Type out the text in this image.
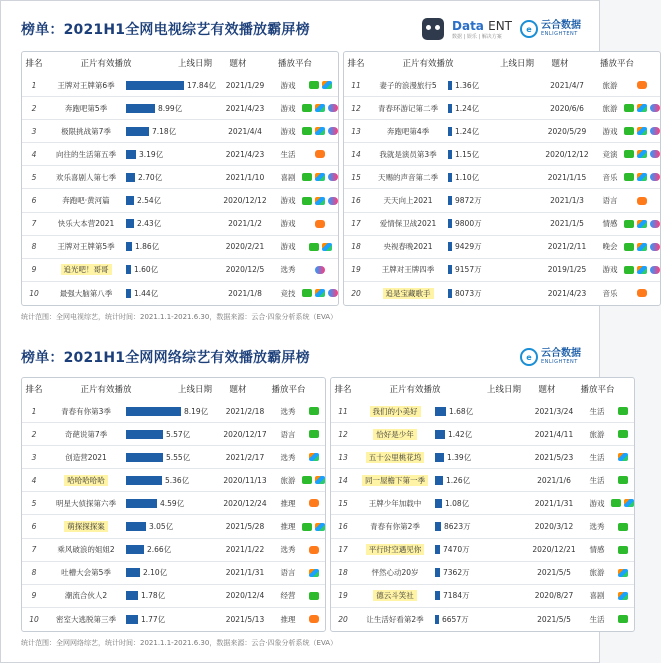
榜单：2021H1全网电视综艺有效播放霸屏榜	Data ENT
数据 | 娱乐 | 解决方案
e 云合数据
ENLIGHTENT
排名	正片有效播放	上线日期	题材	播放平台
1	王牌对王牌第6季	17.84亿	2021/1/29	游戏
2	奔跑吧第5季	8.99亿	2021/4/23	游戏
3	极限挑战第7季	7.18亿	2021/4/4	游戏
4	向往的生活第五季	3.19亿	2021/4/23	生活
5	欢乐喜剧人第七季	2.70亿	2021/1/10	喜剧
6	奔跑吧·黄河篇	2.54亿	2020/12/12	游戏
7	快乐大本营2021	2.43亿	2021/1/2	游戏
8	王牌对王牌第5季	1.86亿	2020/2/21	游戏
9	追光吧！哥哥	1.60亿	2020/12/5	选秀
10	最强大脑第八季	1.44亿	2021/1/8	竞技
排名	正片有效播放	上线日期	题材	播放平台
11	妻子的浪漫旅行5	1.36亿	2021/4/7	旅游
12	青春环游记第二季	1.24亿	2020/6/6	旅游
13	奔跑吧第4季	1.24亿	2020/5/29	游戏
14	我就是演员第3季	1.15亿	2020/12/12	竞演
15	天赐的声音第二季	1.10亿	2021/1/15	音乐
16	天天向上2021	9872万	2021/1/3	语言
17	爱情保卫战2021	9800万	2021/1/5	情感
18	央视春晚2021	9429万	2021/2/11	晚会
19	王牌对王牌四季	9157万	2019/1/25	游戏
20	追是宝藏歌手	8073万	2021/4/23	音乐
统计范围：全网电视综艺，统计时间：2021.1.1-2021.6.30，数据来源：云合·四象分析系统（EVA）
榜单：2021H1全网网络综艺有效播放霸屏榜	e 云合数据
ENLIGHTENT
排名	正片有效播放	上线日期	题材	播放平台
1	青春有你第3季	8.19亿	2021/2/18	选秀
2	奇葩说第7季	5.57亿	2020/12/17	语言
3	创造营2021	5.55亿	2021/2/17	选秀
4	哈哈哈哈哈	5.36亿	2020/11/13	旅游
5	明星大侦探第六季	4.59亿	2020/12/24	推理
6	萌探探探案	3.05亿	2021/5/28	推理
7	乘风破浪的姐姐2	2.66亿	2021/1/22	选秀
8	吐槽大会第5季	2.10亿	2021/1/31	语言
9	潮流合伙人2	1.78亿	2020/12/4	经营
10	密室大逃脱第三季	1.77亿	2021/5/13	推理
排名	正片有效播放	上线日期	题材	播放平台
11	我们的小美好	1.68亿	2021/3/24	生活
12	恰好是少年	1.42亿	2021/4/11	旅游
13	五十公里桃花坞	1.39亿	2021/5/23	生活
14	同一屋檐下第一季	1.26亿	2021/1/6	生活
15	王牌少年加载中	1.08亿	2021/1/31	游戏
16	青春有你第2季	8623万	2020/3/12	选秀
17	平行时空遇见你	7470万	2020/12/21	情感
18	怦然心动20岁	7362万	2021/5/5	旅游
19	德云斗笑社	7184万	2020/8/27	喜剧
20	让生活好看第2季	6657万	2021/5/5	生活
统计范围：全网网络综艺，统计时间：2021.1.1-2021.6.30，数据来源：云合·四象分析系统（EVA）
